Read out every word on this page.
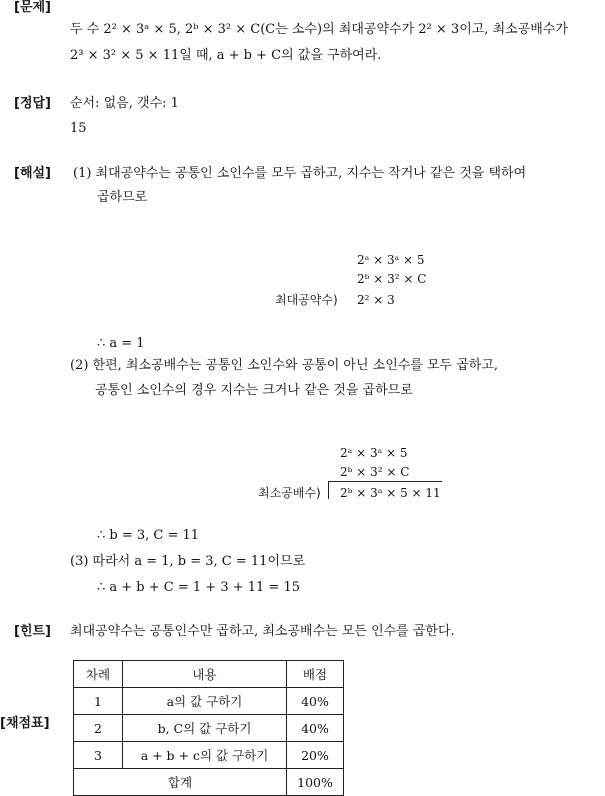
[문제]
두 수 2² × 3ᵃ × 5, 2ᵇ × 3² × C(C는 소수)의 최대공약수가 2² × 3이고, 최소공배수가
2³ × 3² × 5 × 11일 때, a + b + C의 값을 구하여라.
[정답] 순서: 없음, 갯수: 1
15
[해설] (1) 최대공약수는 공통인 소인수를 모두 곱하고, 지수는 작거나 같은 것을 택하여
곱하므로
2ᵃ × 3ᵃ × 5
2ᵇ × 3² × C
최대공약수) 2² × 3
∴ a = 1
(2) 한편, 최소공배수는 공통인 소인수와 공통이 아닌 소인수를 모두 곱하고,
공통인 소인수의 경우 지수는 크거나 같은 것을 곱하므로
2ᵃ × 3ᵃ × 5
2ᵇ × 3² × C
최소공배수) 2ᵇ × 3ᵃ × 5 × 11
∴ b = 3, C = 11
(3) 따라서 a = 1, b = 3, C = 11이므로
∴ a + b + C = 1 + 3 + 11 = 15
[힌트] 최대공약수는 공통인수만 곱하고, 최소공배수는 모든 인수를 곱한다.
[채점표]
차례	내용	배점
1	a의 값 구하기	40%
2	b, C의 값 구하기	40%
3	a + b + c의 값 구하기	20%
합계		100%
